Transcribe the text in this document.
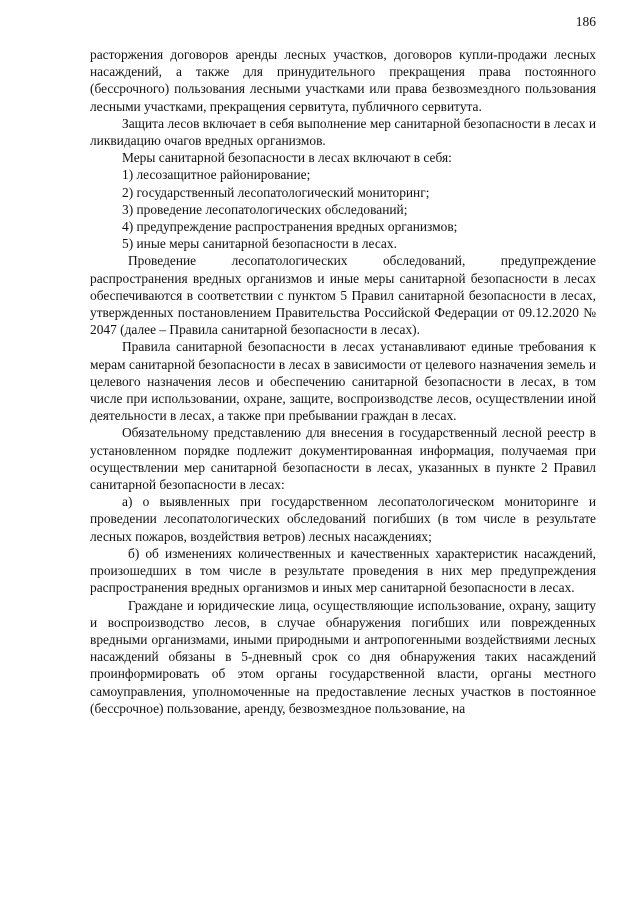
186

расторжения договоров аренды лесных участков, договоров купли-продажи лесных насаждений, а также для принудительного прекращения права постоянного (бессрочного) пользования лесными участками или права безвозмездного пользования лесными участками, прекращения сервитута, публичного сервитута.

Защита лесов включает в себя выполнение мер санитарной безопасности в лесах и ликвидацию очагов вредных организмов.

Меры санитарной безопасности в лесах включают в себя:

1) лесозащитное районирование;

2) государственный лесопатологический мониторинг;

3) проведение лесопатологических обследований;

4) предупреждение распространения вредных организмов;

5) иные меры санитарной безопасности в лесах.

Проведение лесопатологических обследований, предупреждение распространения вредных организмов и иные меры санитарной безопасности в лесах обеспечиваются в соответствии с пунктом 5 Правил санитарной безопасности в лесах, утвержденных постановлением Правительства Российской Федерации от 09.12.2020 № 2047 (далее – Правила санитарной безопасности в лесах).

Правила санитарной безопасности в лесах устанавливают единые требования к мерам санитарной безопасности в лесах в зависимости от целевого назначения земель и целевого назначения лесов и обеспечению санитарной безопасности в лесах, в том числе при использовании, охране, защите, воспроизводстве лесов, осуществлении иной деятельности в лесах, а также при пребывании граждан в лесах.

Обязательному представлению для внесения в государственный лесной реестр в установленном порядке подлежит документированная информация, получаемая при осуществлении мер санитарной безопасности в лесах, указанных в пункте 2 Правил санитарной безопасности в лесах:

а) о выявленных при государственном лесопатологическом мониторинге и проведении лесопатологических обследований погибших (в том числе в результате лесных пожаров, воздействия ветров) лесных насаждениях;

б) об изменениях количественных и качественных характеристик насаждений, произошедших в том числе в результате проведения в них мер предупреждения распространения вредных организмов и иных мер санитарной безопасности в лесах.

Граждане и юридические лица, осуществляющие использование, охрану, защиту и воспроизводство лесов, в случае обнаружения погибших или поврежденных вредными организмами, иными природными и антропогенными воздействиями лесных насаждений обязаны в 5-дневный срок со дня обнаружения таких насаждений проинформировать об этом органы государственной власти, органы местного самоуправления, уполномоченные на предоставление лесных участков в постоянное (бессрочное) пользование, аренду, безвозмездное пользование, на
